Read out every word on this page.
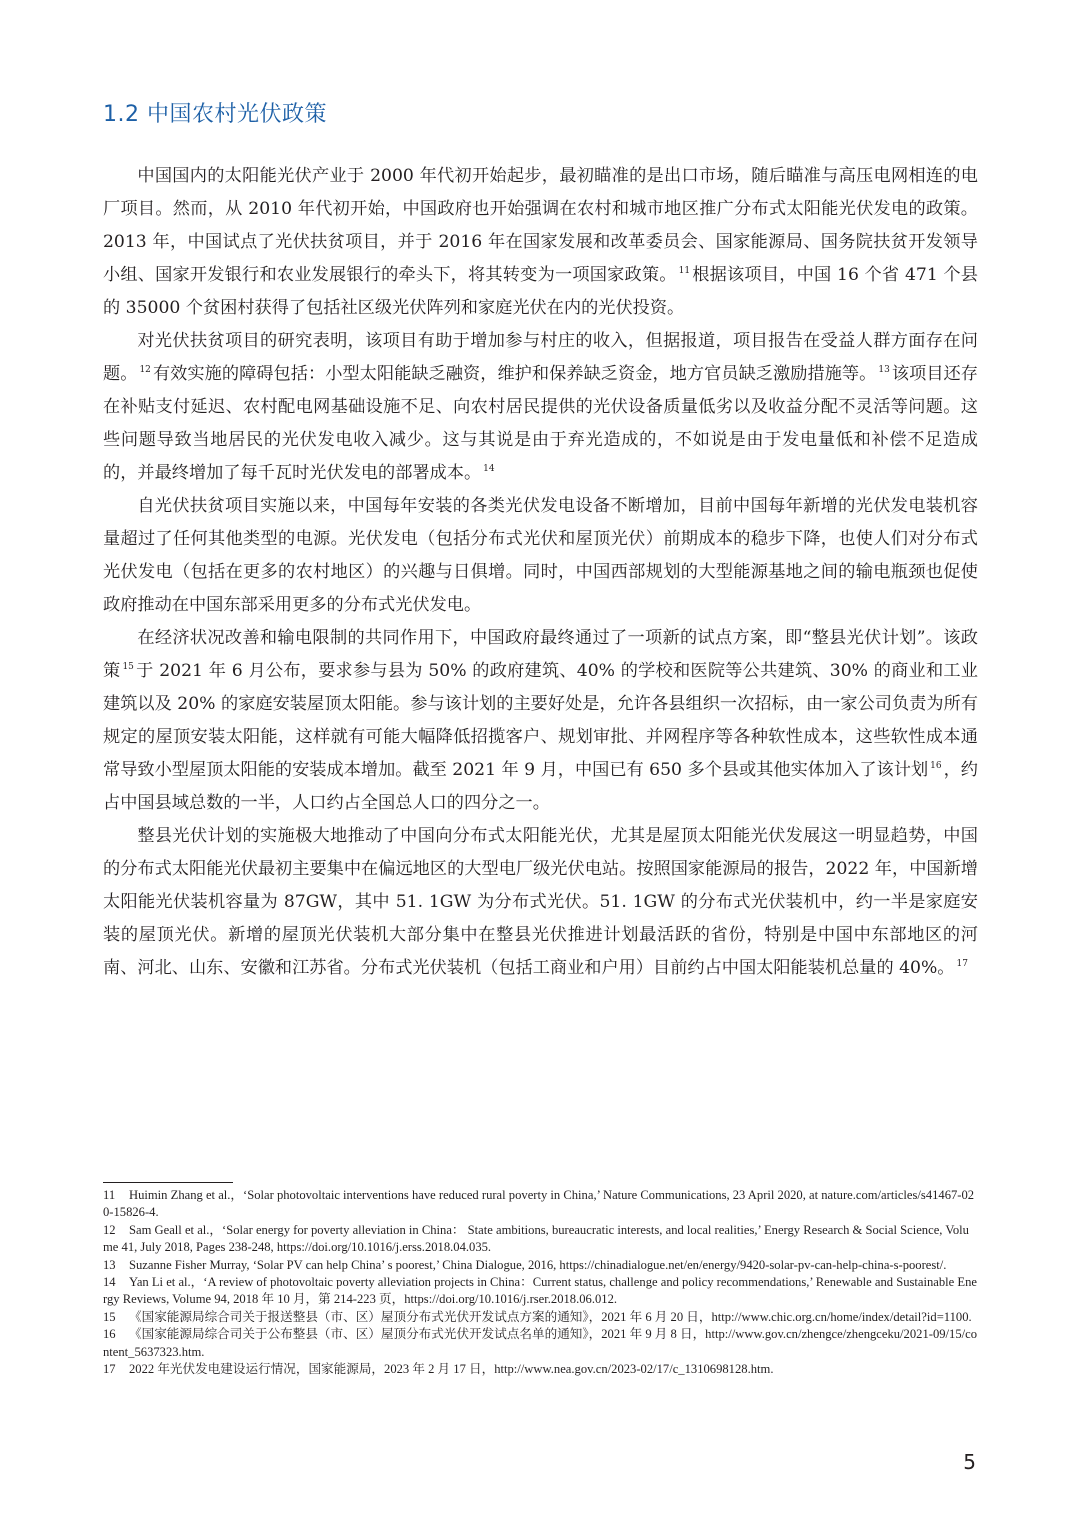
1.2 中国农村光伏政策

中国国内的太阳能光伏产业于 2000 年代初开始起步，最初瞄准的是出口市场，随后瞄准与高压电网相连的电厂项目。然而，从 2010 年代初开始，中国政府也开始强调在农村和城市地区推广分布式太阳能光伏发电的政策。2013 年，中国试点了光伏扶贫项目，并于 2016 年在国家发展和改革委员会、国家能源局、国务院扶贫开发领导小组、国家开发银行和农业发展银行的牵头下，将其转变为一项国家政策。 $^{11}$ 根据该项目，中国 16 个省 471 个县的 35000 个贫困村获得了包括社区级光伏阵列和家庭光伏在内的光伏投资。

对光伏扶贫项目的研究表明，该项目有助于增加参与村庄的收入，但据报道，项目报告在受益人群方面存在问题。 $^{12}$ 有效实施的障碍包括：小型太阳能缺乏融资，维护和保养缺乏资金，地方官员缺乏激励措施等。 $^{13}$ 该项目还存在补贴支付延迟、农村配电网基础设施不足、向农村居民提供的光伏设备质量低劣以及收益分配不灵活等问题。这些问题导致当地居民的光伏发电收入减少。这与其说是由于弃光造成的，不如说是由于发电量低和补偿不足造成的，并最终增加了每千瓦时光伏发电的部署成本。 $^{14}$

自光伏扶贫项目实施以来，中国每年安装的各类光伏发电设备不断增加，目前中国每年新增的光伏发电装机容量超过了任何其他类型的电源。光伏发电（包括分布式光伏和屋顶光伏）前期成本的稳步下降，也使人们对分布式光伏发电（包括在更多的农村地区）的兴趣与日俱增。同时，中国西部规划的大型能源基地之间的输电瓶颈也促使政府推动在中国东部采用更多的分布式光伏发电。

在经济状况改善和输电限制的共同作用下，中国政府最终通过了一项新的试点方案，即“整县光伏计划”。该政策 $^{15}$ 于 2021 年 6 月公布，要求参与县为 50% 的政府建筑、40% 的学校和医院等公共建筑、30% 的商业和工业建筑以及 20% 的家庭安装屋顶太阳能。参与该计划的主要好处是，允许各县组织一次招标，由一家公司负责为所有规定的屋顶安装太阳能，这样就有可能大幅降低招揽客户、规划审批、并网程序等各种软性成本，这些软性成本通常导致小型屋顶太阳能的安装成本增加。截至 2021 年 9 月，中国已有 650 多个县或其他实体加入了该计划 $^{16}$ ，约占中国县域总数的一半，人口约占全国总人口的四分之一。

整县光伏计划的实施极大地推动了中国向分布式太阳能光伏，尤其是屋顶太阳能光伏发展这一明显趋势，中国的分布式太阳能光伏最初主要集中在偏远地区的大型电厂级光伏电站。按照国家能源局的报告，2022 年，中国新增太阳能光伏装机容量为 87GW，其中 51. 1GW 为分布式光伏。51. 1GW 的分布式光伏装机中，约一半是家庭安装的屋顶光伏。新增的屋顶光伏装机大部分集中在整县光伏推进计划最活跃的省份，特别是中国中东部地区的河南、河北、山东、安徽和江苏省。分布式光伏装机（包括工商业和户用）目前约占中国太阳能装机总量的 40%。 $^{17}$

11 Huimin Zhang et al.，‘Solar photovoltaic interventions have reduced rural poverty in China,’ Nature Communications, 23 April 2020, at nature.com/articles/s41467-020-15826-4.
12 Sam Geall et al.，‘Solar energy for poverty alleviation in China： State ambitions, bureaucratic interests, and local realities,’ Energy Research & Social Science, Volume 41, July 2018, Pages 238-248, https://doi.org/10.1016/j.erss.2018.04.035.
13 Suzanne Fisher Murray, ‘Solar PV can help China’ s poorest,’ China Dialogue, 2016, https://chinadialogue.net/en/energy/9420-solar-pv-can-help-china-s-poorest/.
14 Yan Li et al.，‘A review of photovoltaic poverty alleviation projects in China：Current status, challenge and policy recommendations,’ Renewable and Sustainable Energy Reviews, Volume 94, 2018 年 10 月，第 214-223 页，https://doi.org/10.1016/j.rser.2018.06.012.
15 《国家能源局综合司关于报送整县（市、区）屋顶分布式光伏开发试点方案的通知》，2021 年 6 月 20 日，http://www.chic.org.cn/home/index/detail?id=1100.
16 《国家能源局综合司关于公布整县（市、区）屋顶分布式光伏开发试点名单的通知》，2021 年 9 月 8 日，http://www.gov.cn/zhengce/zhengceku/2021-09/15/content_5637323.htm.
17 2022 年光伏发电建设运行情况，国家能源局，2023 年 2 月 17 日，http://www.nea.gov.cn/2023-02/17/c_1310698128.htm.
5
